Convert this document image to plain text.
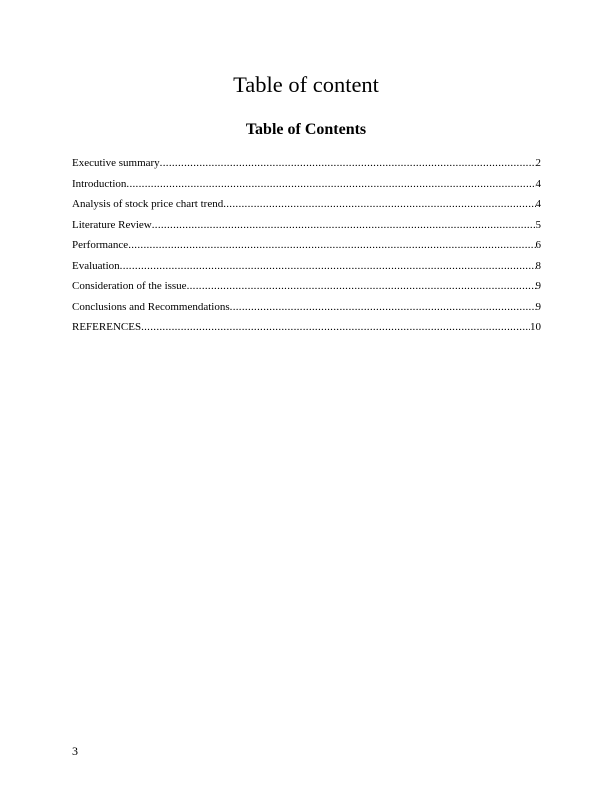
Table of content
Table of Contents
Executive summary .....	2
Introduction .....	4
Analysis of stock price chart trend .....	4
Literature Review .....	5
Performance .....	6
Evaluation .....	8
Consideration of the issue .....	9
Conclusions and Recommendations .....	9
REFERENCES .....	10
3
